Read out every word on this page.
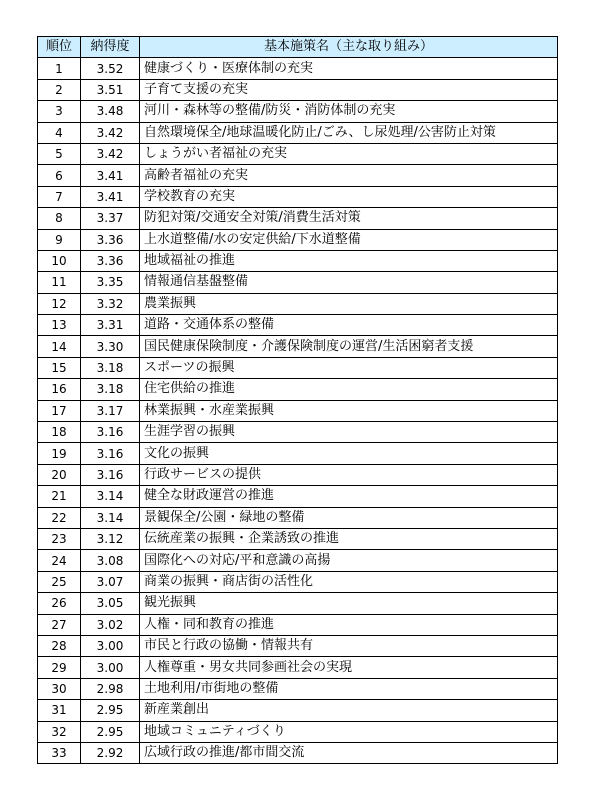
順位	納得度	基本施策名（主な取り組み）
1	3.52	健康づくり・医療体制の充実
2	3.51	子育て支援の充実
3	3.48	河川・森林等の整備/防災・消防体制の充実
4	3.42	自然環境保全/地球温暖化防止/ごみ、し尿処理/公害防止対策
5	3.42	しょうがい者福祉の充実
6	3.41	高齢者福祉の充実
7	3.41	学校教育の充実
8	3.37	防犯対策/交通安全対策/消費生活対策
9	3.36	上水道整備/水の安定供給/下水道整備
10	3.36	地域福祉の推進
11	3.35	情報通信基盤整備
12	3.32	農業振興
13	3.31	道路・交通体系の整備
14	3.30	国民健康保険制度・介護保険制度の運営/生活困窮者支援
15	3.18	スポーツの振興
16	3.18	住宅供給の推進
17	3.17	林業振興・水産業振興
18	3.16	生涯学習の振興
19	3.16	文化の振興
20	3.16	行政サービスの提供
21	3.14	健全な財政運営の推進
22	3.14	景観保全/公園・緑地の整備
23	3.12	伝統産業の振興・企業誘致の推進
24	3.08	国際化への対応/平和意識の高揚
25	3.07	商業の振興・商店街の活性化
26	3.05	観光振興
27	3.02	人権・同和教育の推進
28	3.00	市民と行政の協働・情報共有
29	3.00	人権尊重・男女共同参画社会の実現
30	2.98	土地利用/市街地の整備
31	2.95	新産業創出
32	2.95	地域コミュニティづくり
33	2.92	広域行政の推進/都市間交流
